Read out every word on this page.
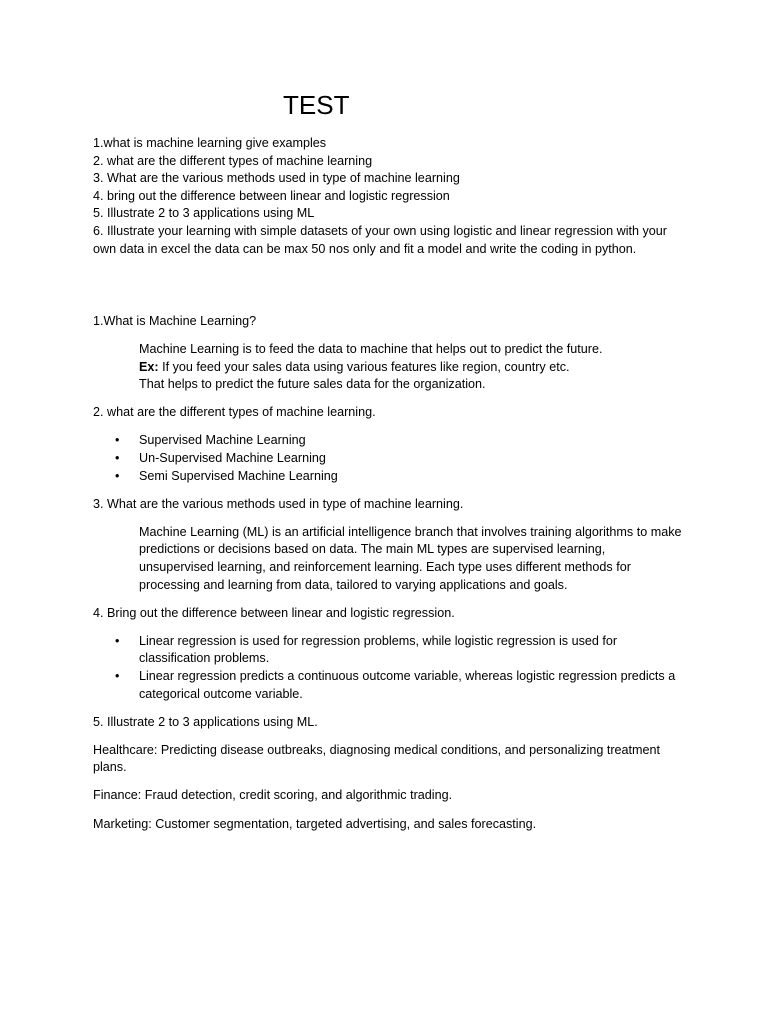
TEST
1.what is machine learning give examples
2. what are the different types of machine learning
3. What are the various methods used in type of machine learning
4. bring out the difference between linear and logistic regression
5. Illustrate 2 to 3 applications using ML
6. Illustrate your learning with simple datasets of your own using logistic and linear regression with your own data in excel the data can be max 50 nos only and fit a model and write the coding in python.

1.What is Machine Learning?

Machine Learning is to feed the data to machine that helps out to predict the future.
Ex: If you feed your sales data using various features like region, country etc.
That helps to predict the future sales data for the organization.

2. what are the different types of machine learning.

• Supervised Machine Learning
• Un-Supervised Machine Learning
• Semi Supervised Machine Learning

3. What are the various methods used in type of machine learning.

Machine Learning (ML) is an artificial intelligence branch that involves training algorithms to make predictions or decisions based on data. The main ML types are supervised learning, unsupervised learning, and reinforcement learning. Each type uses different methods for processing and learning from data, tailored to varying applications and goals.

4. Bring out the difference between linear and logistic regression.

• Linear regression is used for regression problems, while logistic regression is used for classification problems.
• Linear regression predicts a continuous outcome variable, whereas logistic regression predicts a categorical outcome variable.

5. Illustrate 2 to 3 applications using ML.

Healthcare: Predicting disease outbreaks, diagnosing medical conditions, and personalizing treatment plans.

Finance: Fraud detection, credit scoring, and algorithmic trading.

Marketing: Customer segmentation, targeted advertising, and sales forecasting.
